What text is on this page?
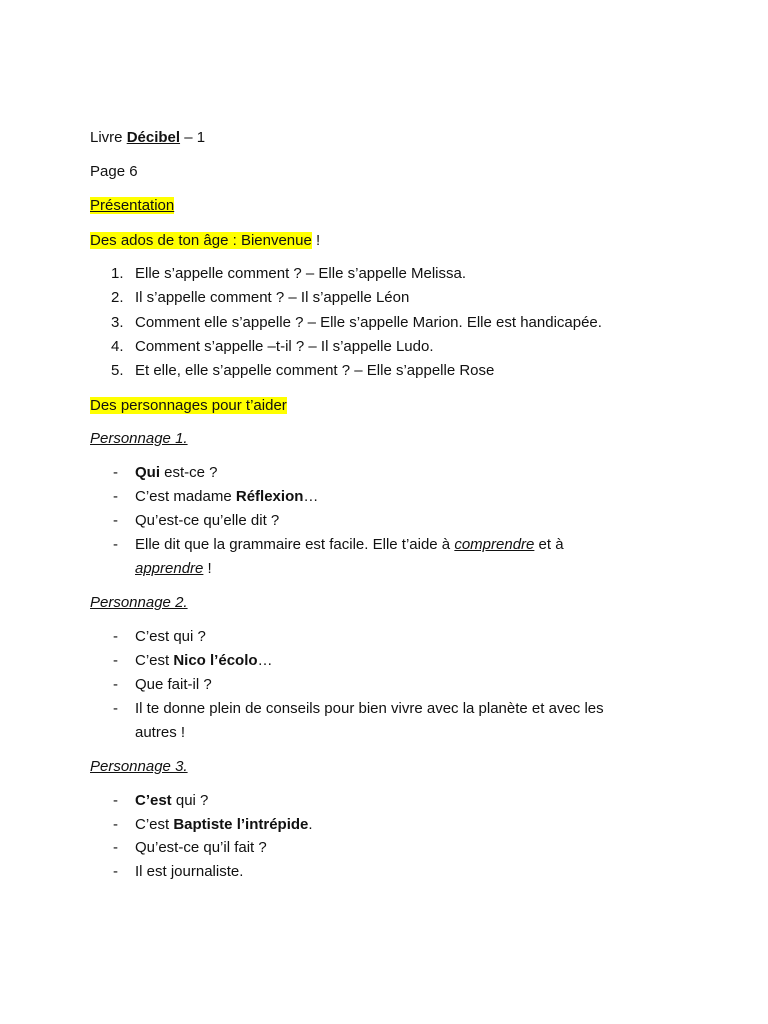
Livre Décibel – 1
Page 6
Présentation
Des ados de ton âge : Bienvenue !
1. Elle s’appelle comment ? – Elle s’appelle Melissa.
2. Il s’appelle comment ? – Il s’appelle Léon
3. Comment elle s’appelle ? – Elle s’appelle Marion. Elle est handicapée.
4. Comment s’appelle –t-il ? – Il s’appelle Ludo.
5. Et elle, elle s’appelle comment ? – Elle s’appelle Rose
Des personnages pour t’aider
Personnage 1.
- Qui est-ce ?
- C’est madame Réflexion…
- Qu’est-ce qu’elle dit ?
- Elle dit que la grammaire est facile. Elle t’aide à comprendre et à
apprendre !
Personnage 2.
- C’est qui ?
- C’est Nico l’écolo…
- Que fait-il ?
- Il te donne plein de conseils pour bien vivre avec la planète et avec les
autres !
Personnage 3.
- C’est qui ?
- C’est Baptiste l’intrépide.
- Qu’est-ce qu’il fait ?
- Il est journaliste.
